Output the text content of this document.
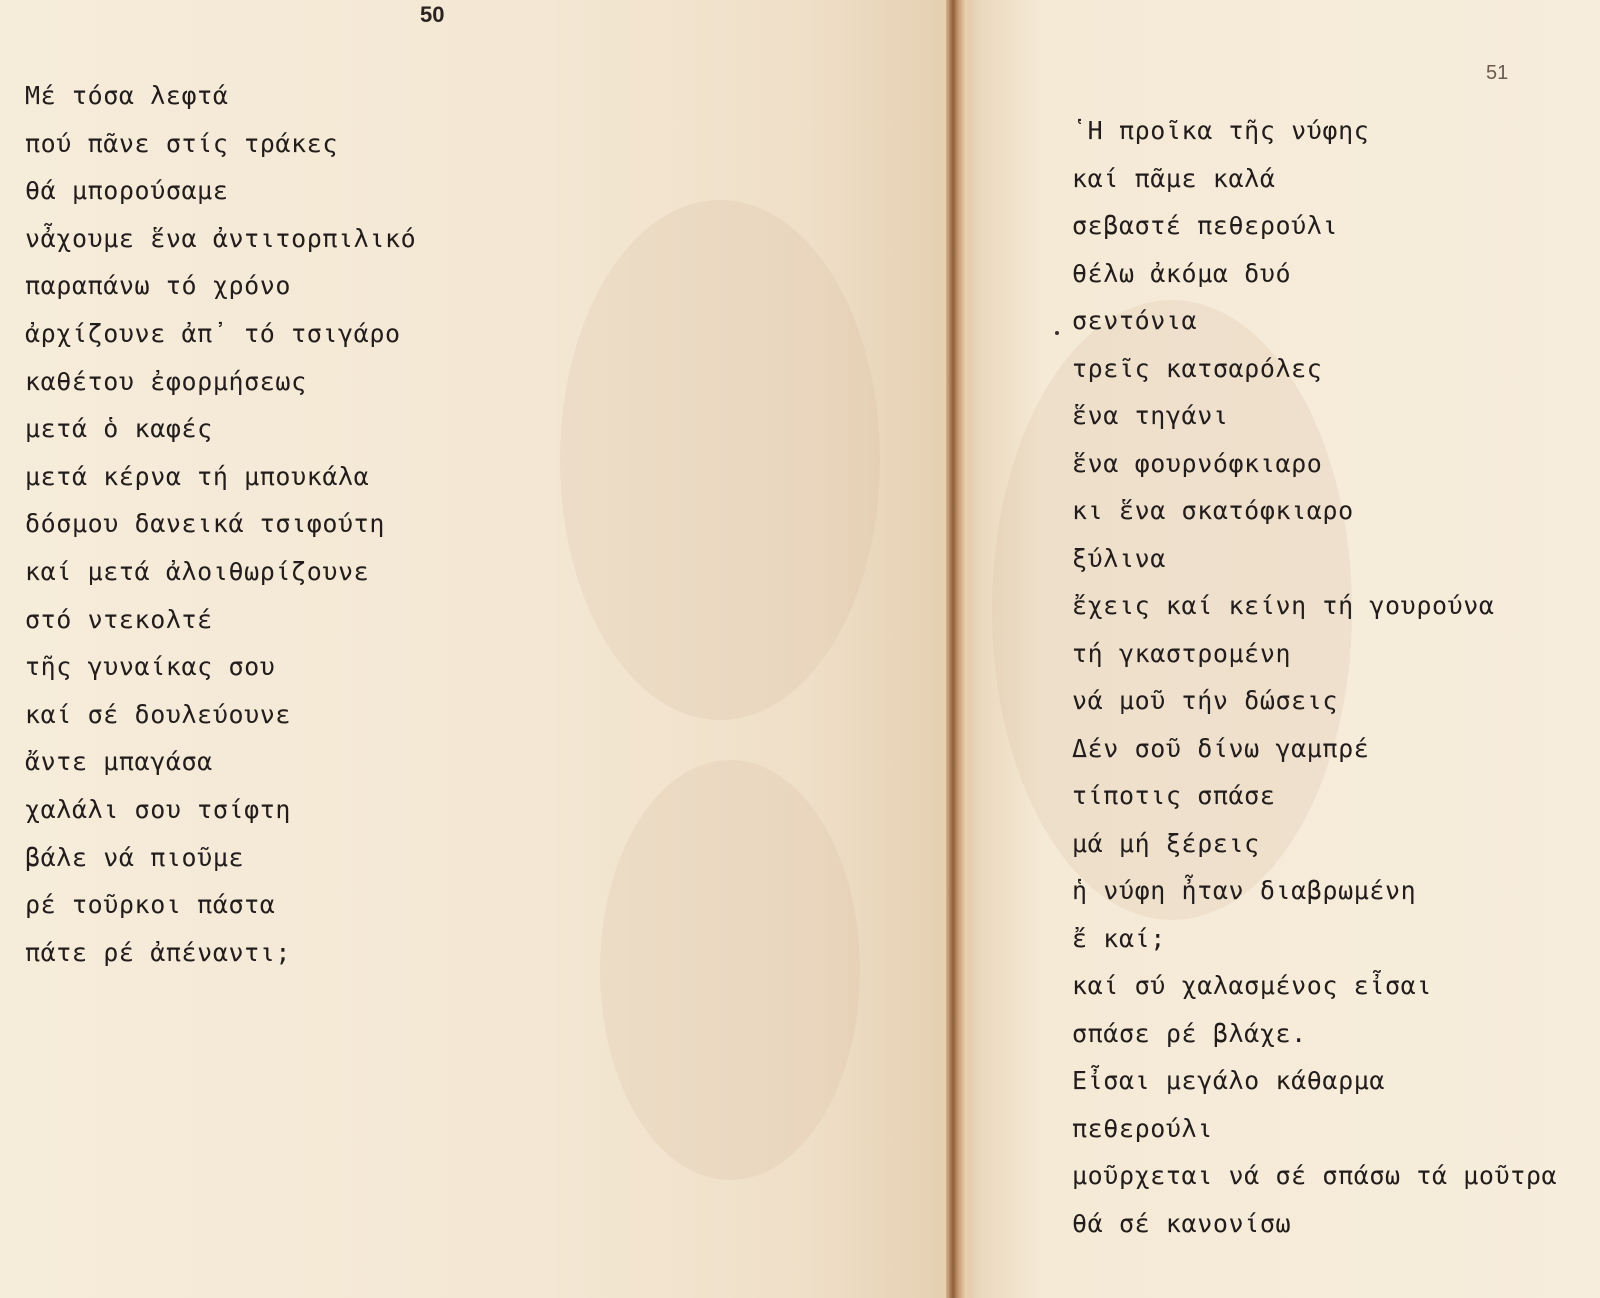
50
51
Μέ τόσα λεφτά
πού πᾶνε στίς τράκες
θά μπορούσαμε
νἆχουμε ἕνα ἀντιτορπιλικό
παραπάνω τό χρόνο
ἀρχίζουνε ἀπ᾿ τό τσιγάρο
καθέτου ἐφορμήσεως
μετά ὁ καφές
μετά κέρνα τή μπουκάλα
δόσμου δανεικά τσιφούτη
καί μετά ἀλοιθωρίζουνε
στό ντεκολτέ
τῆς γυναίκας σου
καί σέ δουλεύουνε
ἄντε μπαγάσα
χαλάλι σου τσίφτη
βάλε νά πιοῦμε
ρέ τοῦρκοι πάστα
πάτε ρέ ἀπέναντι;
῾Η προῖκα τῆς νύφης
καί πᾶμε καλά
σεβαστέ πεθερούλι
θέλω ἀκόμα δυό
σεντόνια
τρεῖς κατσαρόλες
ἕνα τηγάνι
ἕνα φουρνόφκιαρο
κι ἕνα σκατόφκιαρο
ξύλινα
ἔχεις καί κείνη τή γουρούνα
τή γκαστρομένη
νά μοῦ τήν δώσεις
Δέν σοῦ δίνω γαμπρέ
τίποτις σπάσε
μά μή ξέρεις
ἡ νύφη ἦταν διαβρωμένη
ἔ καί;
καί σύ χαλασμένος εἶσαι
σπάσε ρέ βλάχε.
Εἶσαι μεγάλο κάθαρμα
πεθερούλι
μοῦρχεται νά σέ σπάσω τά μοῦτρα
θά σέ κανονίσω
